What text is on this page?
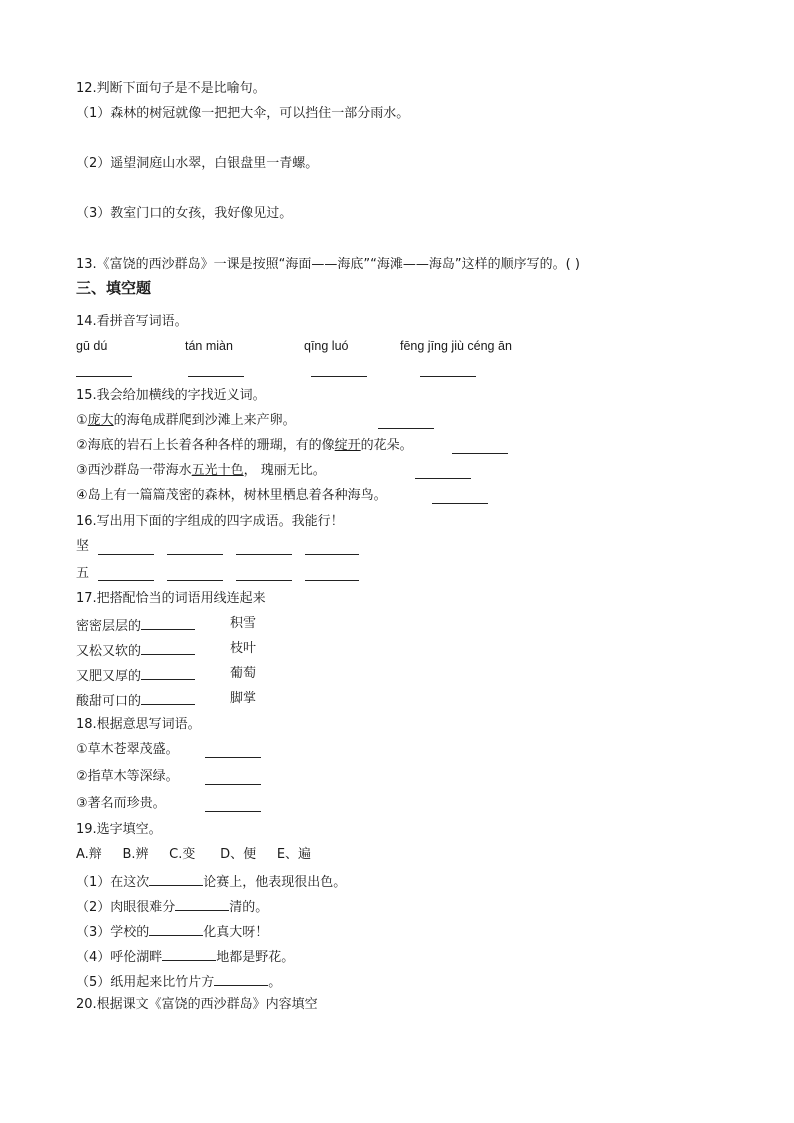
12.判断下面句子是不是比喻句。
（1）森林的树冠就像一把把大伞，可以挡住一部分雨水。
（2）遥望洞庭山水翠，白银盘里一青螺。
（3）教室门口的女孩，我好像见过。
13.《富饶的西沙群岛》一课是按照“海面——海底”“海滩——海岛”这样的顺序写的。( )
三、填空题
14.看拼音写词语。
gū dú	tán miàn	qīng luó	fēng jīng jiù céng ān
15.我会给加横线的字找近义词。
①庞大的海龟成群爬到沙滩上来产卵。
②海底的岩石上长着各种各样的珊瑚，有的像绽开的花朵。
③西沙群岛一带海水五光十色， 瑰丽无比。
④岛上有一篇篇茂密的森林，树林里栖息着各种海鸟。
16.写出用下面的字组成的四字成语。我能行！
坚
五
17.把搭配恰当的词语用线连起来
密密层层的	积雪
又松又软的	枝叶
又肥又厚的	葡萄
酸甜可口的	脚掌
18.根据意思写词语。
①草木苍翠茂盛。
②指草木等深绿。
③著名而珍贵。
19.选字填空。
A.辩     B.辨     C.变      D、便     E、遍
（1）在这次	论赛上，他表现很出色。
（2）肉眼很难分	清的。
（3）学校的	化真大呀！
（4）呼伦湖畔	地都是野花。
（5）纸用起来比竹片方	。
20.根据课文《富饶的西沙群岛》内容填空
